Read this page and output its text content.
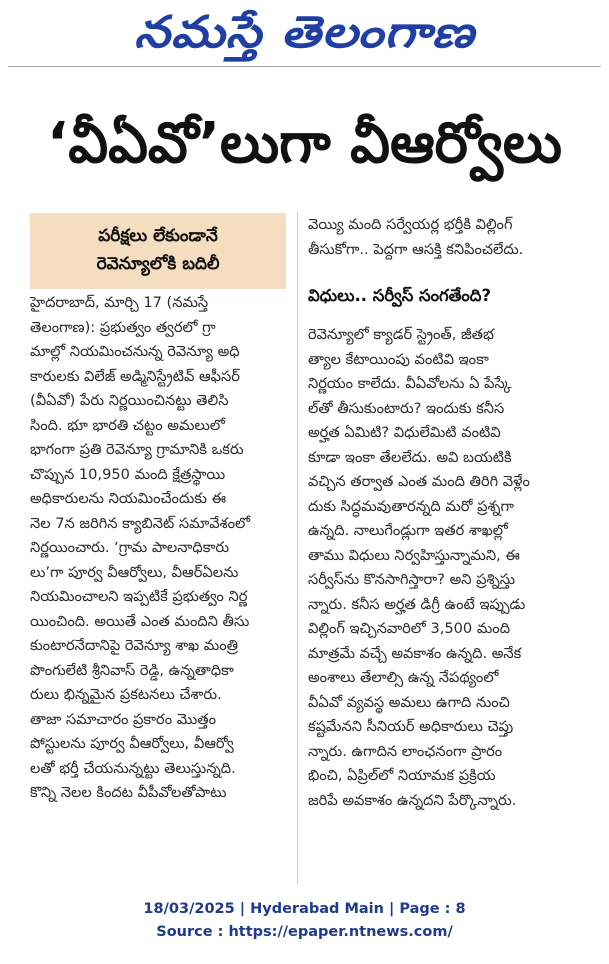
నమస్తే తెలంగాణ
‘వీఏవో’లుగా వీఆర్వోలు

పరీక్షలు లేకుండానే

రెవెన్యూలోకి బదిలీ

హైదరాబాద్, మార్చి 17 (నమస్తే

తెలంగాణ): ప్రభుత్వం త్వరలో గ్రా

మాల్లో నియమించనున్న రెవెన్యూ అధి

కారులకు విలేజ్ అడ్మినిస్ట్రేటివ్ ఆఫీసర్

(వీఏవో) పేరు నిర్ణయించినట్టు తెలిసి

సింది. భూ భారతి చట్టం అమలులో

భాగంగా ప్రతి రెవెన్యూ గ్రామానికి ఒకరు

చొప్పున 10,950 మంది క్షేత్రస్థాయి

అధికారులను నియమించేందుకు ఈ

నెల 7న జరిగిన క్యాబినెట్ సమావేశంలో

నిర్ణయించారు. ‘గ్రామ పాలనాధికారు

లు’గా పూర్వ వీఆర్వోలు, వీఆర్ఏలను

నియమించాలని ఇప్పటికే ప్రభుత్వం నిర్ణ

యించింది. అయితే ఎంత మందిని తీసు

కుంటారనేదానిపై రెవెన్యూ శాఖ మంత్రి

పొంగులేటి శ్రీనివాస్ రెడ్డి, ఉన్నతాధికా

రులు భిన్నమైన ప్రకటనలు చేశారు.

తాజా సమాచారం ప్రకారం మొత్తం

పోస్టులను పూర్వ వీఆర్వోలు, వీఆర్వో

లతో భర్తీ చేయనున్నట్టు తెలుస్తున్నది.

కొన్ని నెలల కిందట వీపీవోలతోపాటు

వెయ్యి మంది సర్వేయర్ల భర్తీకి విల్లింగ్

తీసుకోగా.. పెద్దగా ఆసక్తి కనిపించలేదు.

విధులు.. సర్వీస్ సంగతేంది?

రెవెన్యూలో క్యాడర్ స్ట్రెంత్, జీతభ

త్యాల కేటాయింపు వంటివి ఇంకా

నిర్ణయం కాలేదు. వీఏవోలను ఏ పేస్కే

ల్‌తో తీసుకుంటారు? ఇందుకు కనీస

అర్హత ఏమిటి? విధులేమిటి వంటివి

కూడా ఇంకా తేలలేదు. అవి బయటికి

వచ్చిన తర్వాత ఎంత మంది తిరిగి వెళ్లేం

దుకు సిద్ధమవుతారన్నది మరో ప్రశ్నగా

ఉన్నది. నాలుగేండ్లుగా ఇతర శాఖల్లో

తాము విధులు నిర్వహిస్తున్నామని, ఈ

సర్వీస్‌ను కొనసాగిస్తారా? అని ప్రశ్నిస్తు

న్నారు. కనీస అర్హత డిగ్రీ ఉంటే ఇప్పుడు

విల్లింగ్ ఇచ్చినవారిలో 3,500 మంది

మాత్రమే వచ్చే అవకాశం ఉన్నది. అనేక

అంశాలు తేలాల్సి ఉన్న నేపథ్యంలో

వీఏవో వ్యవస్థ అమలు ఉగాది నుంచి

కష్టమేనని సీనియర్ అధికారులు చెప్తు

న్నారు. ఉగాదిన లాంఛనంగా ప్రారం

భించి, ఏప్రిల్‌లో నియామక ప్రక్రియ

జరిపే అవకాశం ఉన్నదని పేర్కొన్నారు.

18/03/2025 | Hyderabad Main | Page : 8
Source : https://epaper.ntnews.com/
